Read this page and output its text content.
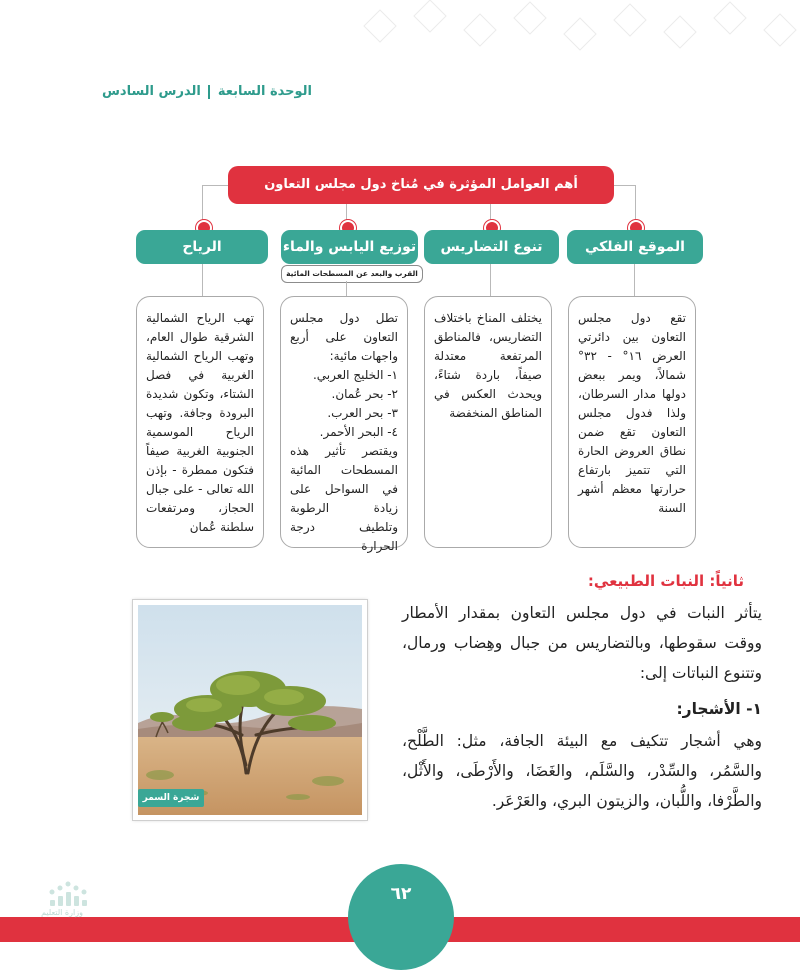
الوحدة السابعة  الدرس السادس
أهم العوامل المؤثرة في مُناخ دول مجلس التعاون
الموقع الفلكي
تنوع التضاريس
توزيع اليابس والماء
الرياح
القرب والبعد عن المسطحات المائية

تقع دول مجلس التعاون بين دائرتي العرض ١٦° - ٣٢° شمالاً، ويمر ببعض دولها مدار السرطان، ولذا فدول مجلس التعاون تقع ضمن نطاق العروض الحارة التي تتميز بارتفاع حرارتها معظم أشهر السنة

يختلف المناخ باختلاف التضاريس، فالمناطق المرتفعة معتدلة صيفاً، باردة شتاءً، ويحدث العكس في المناطق المنخفضة

تطل دول مجلس التعاون على أربع واجهات مائية:

١- الخليج العربي.

٢- بحر عُمان.

٣- بحر العرب.

٤- البحر الأحمر.

ويقتصر تأثير هذه المسطحات المائية في السواحل على زيادة الرطوبة وتلطيف درجة الحرارة

تهب الرياح الشمالية الشرقية طوال العام، وتهب الرياح الشمالية الغربية في فصل الشتاء، وتكون شديدة البرودة وجافة. وتهب الرياح الموسمية الجنوبية الغربية صيفاً فتكون ممطرة - بإذن الله تعالى - على جبال الحجاز، ومرتفعات سلطنة عُمان

ثانياً: النبات الطبيعي:
يتأثر النبات في دول مجلس التعاون بمقدار الأمطار ووقت سقوطها، وبالتضاريس من جبال وهِضاب ورمال، وتتنوع النباتات إلى:
١- الأشجار:
وهي أشجار تتكيف مع البيئة الجافة، مثل: الطَّلْح، والسَّمُر، والسِّدْر، والسَّلَم، والغَضَا، والأَرْطَى، والأَثْل، والطَّرْفا، واللُّبان، والزيتون البري، والعَرْعَر.
شجرة السمر
٦٢
وزارة التعليم
